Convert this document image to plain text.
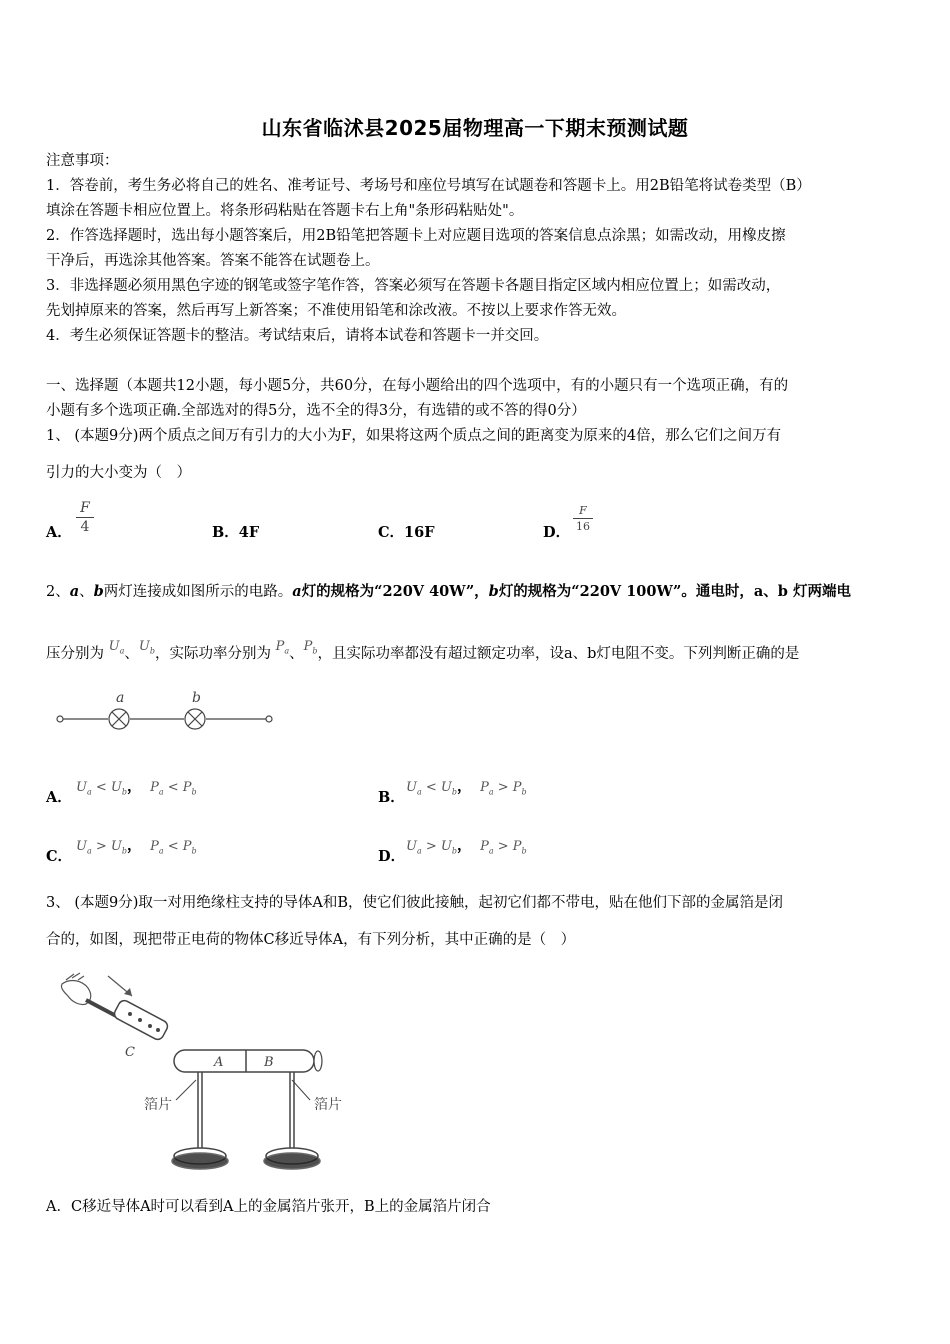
山东省临沭县2025届物理高一下期末预测试题
注意事项：
1．答卷前，考生务必将自己的姓名、准考证号、考场号和座位号填写在试题卷和答题卡上。用2B铅笔将试卷类型（B）
填涂在答题卡相应位置上。将条形码粘贴在答题卡右上角"条形码粘贴处"。
2．作答选择题时，选出每小题答案后，用2B铅笔把答题卡上对应题目选项的答案信息点涂黑；如需改动，用橡皮擦
干净后，再选涂其他答案。答案不能答在试题卷上。
3．非选择题必须用黑色字迹的钢笔或签字笔作答，答案必须写在答题卡各题目指定区域内相应位置上；如需改动，
先划掉原来的答案，然后再写上新答案；不准使用铅笔和涂改液。不按以上要求作答无效。
4．考生必须保证答题卡的整洁。考试结束后，请将本试卷和答题卡一并交回。
一、选择题（本题共12小题，每小题5分，共60分，在每小题给出的四个选项中，有的小题只有一个选项正确，有的
小题有多个选项正确.全部选对的得5分，选不全的得3分，有选错的或不答的得0分）
1、 (本题9分)两个质点之间万有引力的大小为F，如果将这两个质点之间的距离变为原来的4倍，那么它们之间万有
引力的大小变为（　）
A．
F
4	B．4F	C．16F	D．
F
16
2、a、b两灯连接成如图所示的电路。a灯的规格为“220V 40W”，b灯的规格为“220V 100W”。通电时，a、b 灯两端电
压分别为 $U_a$、$U_b$，实际功率分别为 $P_a$、$P_b$，且实际功率都没有超过额定功率，设a、b灯电阻不变。下列判断正确的是
a	b
A．
$U_a < U_b$， $P_a < P_b$	B．
$U_a < U_b$， $P_a > P_b$
C．
$U_a > U_b$， $P_a < P_b$	D．
$U_a > U_b$， $P_a > P_b$
3、 (本题9分)取一对用绝缘柱支持的导体A和B，使它们彼此接触，起初它们都不带电，贴在他们下部的金属箔是闭
合的，如图，现把带正电荷的物体C移近导体A，有下列分析，其中正确的是（　）
C
A	B
箔片	箔片
A．C移近导体A时可以看到A上的金属箔片张开，B上的金属箔片闭合
